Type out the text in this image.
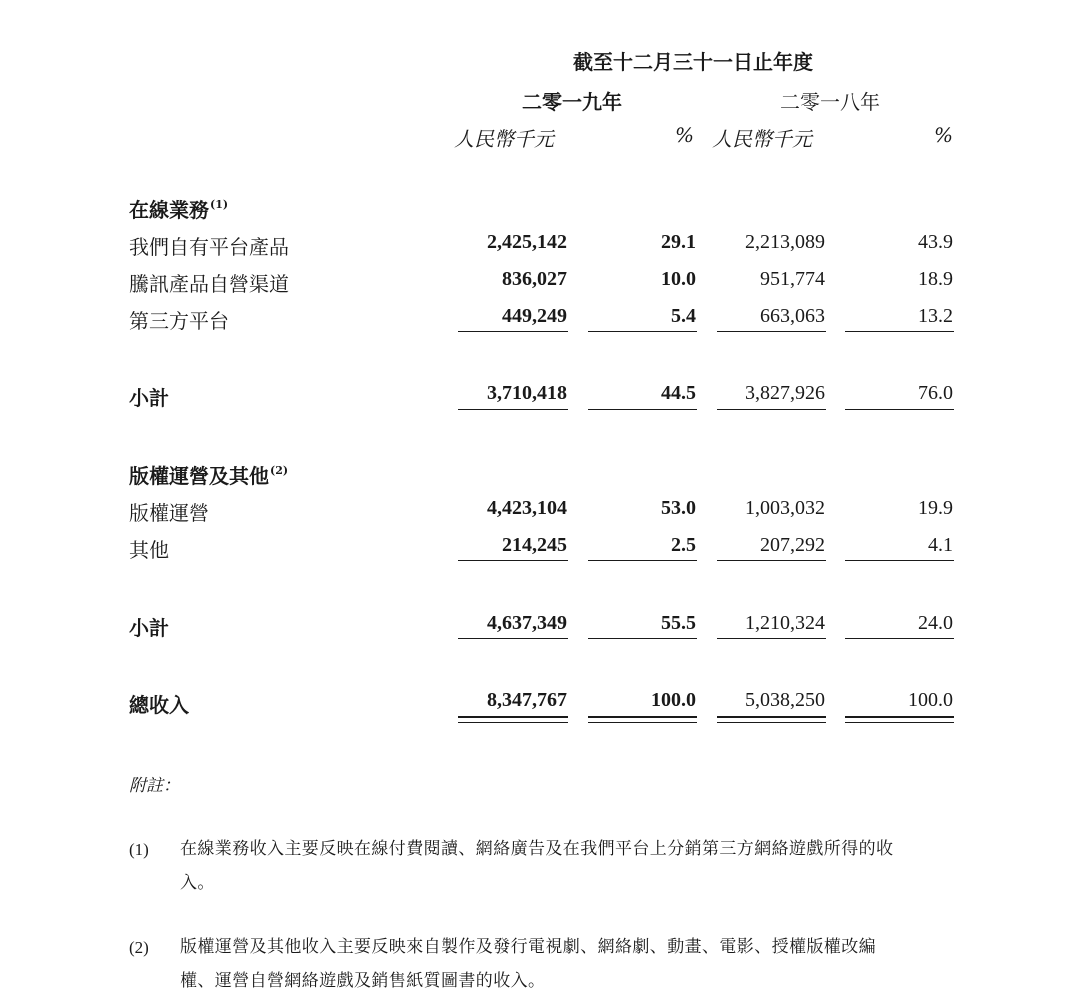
截至十二月三十一日止年度
二零一九年	二零一八年
人民幣千元	% 人民幣千元	%
在線業務$^{(1)}$
我們自有平台產品	2,425,142	29.1	2,213,089	43.9
騰訊產品自營渠道	836,027	10.0	951,774	18.9
第三方平台	449,249	5.4	663,063	13.2
小計	3,710,418	44.5	3,827,926	76.0
版權運營及其他$^{(2)}$
版權運營	4,423,104	53.0	1,003,032	19.9
其他	214,245	2.5	207,292	4.1
小計	4,637,349	55.5	1,210,324	24.0
總收入	8,347,767	100.0	5,038,250	100.0
附註：
(1) 在線業務收入主要反映在線付費閱讀、網絡廣告及在我們平台上分銷第三方網絡遊戲所得的收
入。
(2) 版權運營及其他收入主要反映來自製作及發行電視劇、網絡劇、動畫、電影、授權版權改編
權、運營自營網絡遊戲及銷售紙質圖書的收入。
